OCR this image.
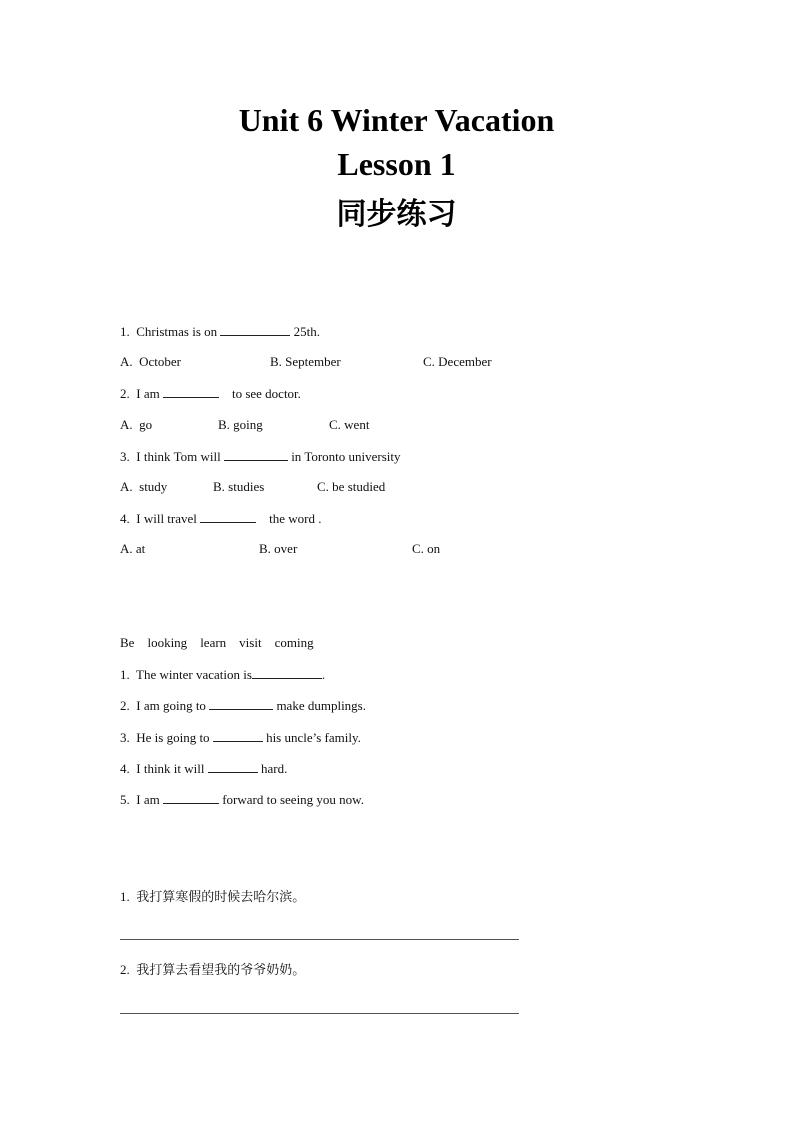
Unit 6 Winter Vacation
Lesson 1
同步练习
1. Christmas is on	25th.
A.  October	B. September	C. December
2. I am	to see doctor.
A.  go	B. going	C. went
3. I think Tom will	in Toronto university
A.  study	B. studies	C. be studied
4. I will travel	the word .
A. at	B. over	C. on
Be looking learn visit coming
1. The winter vacation is	.
2. I am going to	make dumplings.
3. He is going to	his uncle’s family.
4. I think it will	hard.
5. I am	forward to seeing you now.
1. 我打算寒假的时候去哈尔滨。
2. 我打算去看望我的爷爷奶奶。
